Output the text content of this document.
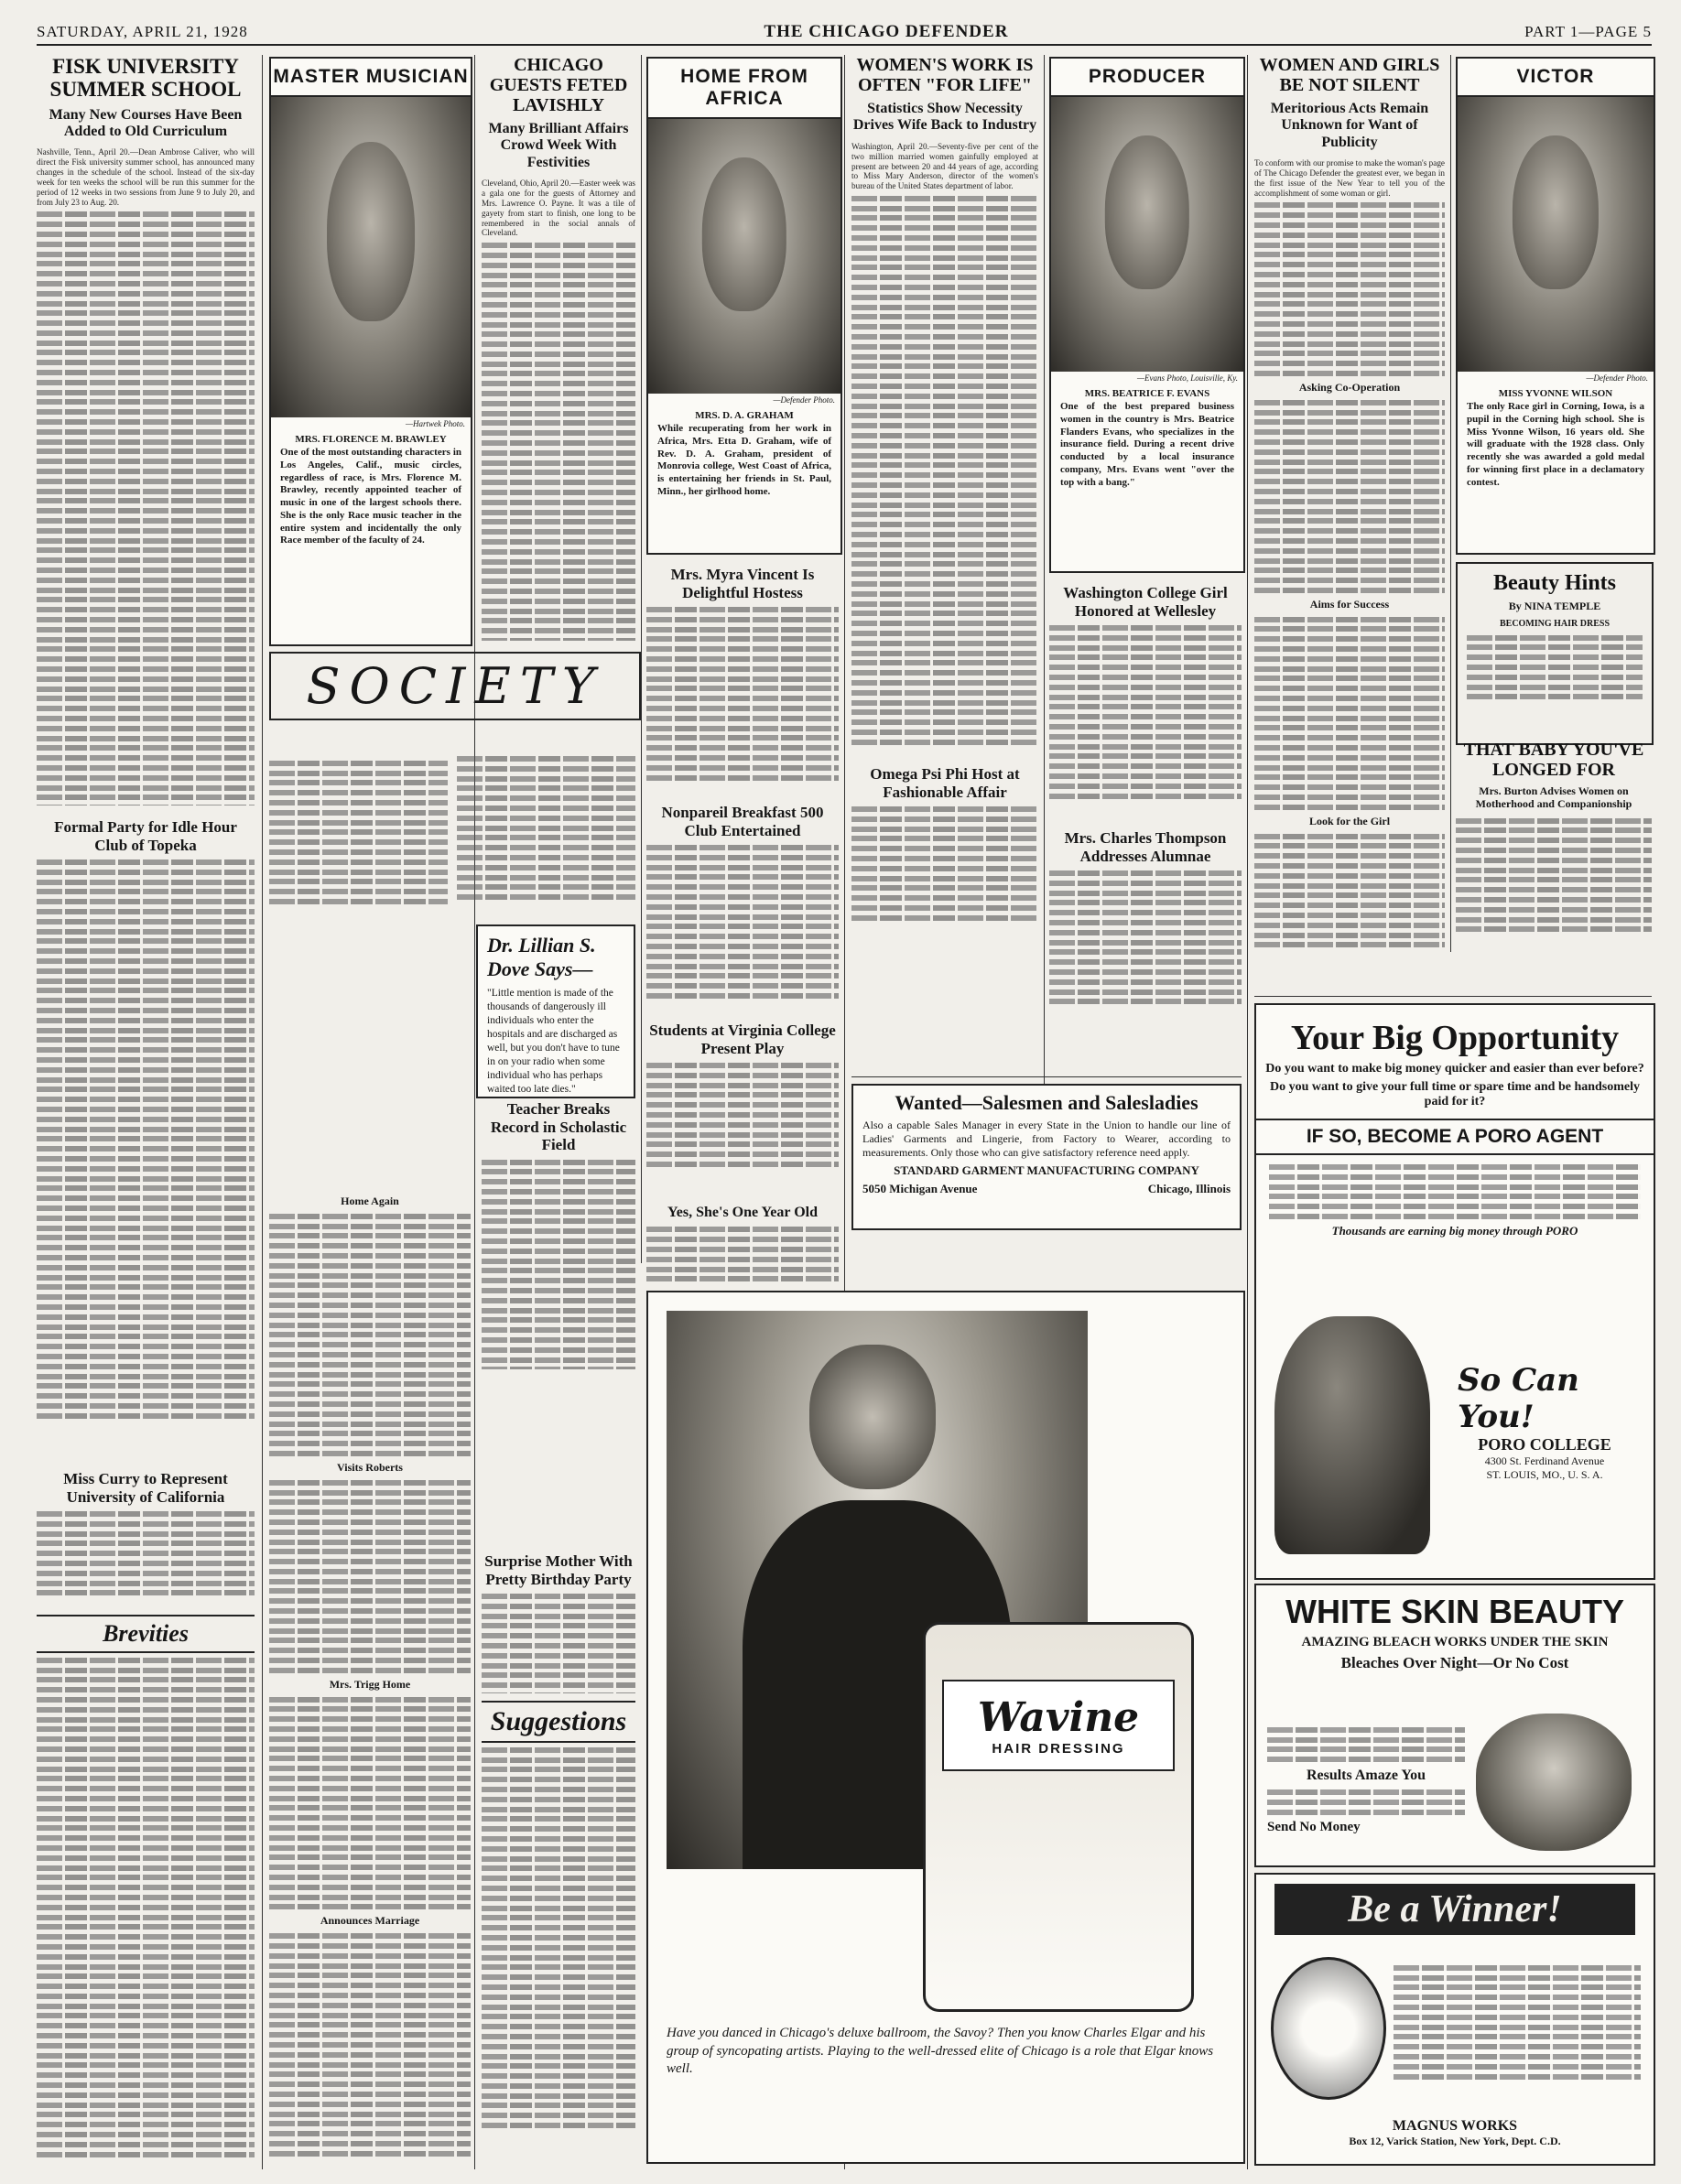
SATURDAY, APRIL 21, 1928	THE CHICAGO DEFENDER	PART 1—PAGE 5
FISK UNIVERSITY SUMMER SCHOOL
Many New Courses Have Been Added to Old Curriculum

Nashville, Tenn., April 20.—Dean Ambrose Caliver, who will direct the Fisk university summer school, has announced many changes in the schedule of the school. Instead of the six-day week for ten weeks the school will be run this summer for the period of 12 weeks in two sessions from June 9 to July 20, and from July 23 to Aug. 20.

Formal Party for Idle Hour Club of Topeka
Miss Curry to Represent University of California
Brevities
MASTER MUSICIAN
—Hartwek Photo.
MRS. FLORENCE M. BRAWLEY
One of the most outstanding characters in Los Angeles, Calif., music circles, regardless of race, is Mrs. Florence M. Brawley, recently appointed teacher of music in one of the largest schools there. She is the only Race music teacher in the entire system and incidentally the only Race member of the faculty of 24.
CHICAGO GUESTS FETED LAVISHLY
Many Brilliant Affairs Crowd Week With Festivities

Cleveland, Ohio, April 20.—Easter week was a gala one for the guests of Attorney and Mrs. Lawrence O. Payne. It was a tile of gayety from start to finish, one long to be remembered in the social annals of Cleveland.

HOME FROM AFRICA
—Defender Photo.
MRS. D. A. GRAHAM
While recuperating from her work in Africa, Mrs. Etta D. Graham, wife of Rev. D. A. Graham, president of Monrovia college, West Coast of Africa, is entertaining her friends in St. Paul, Minn., her girlhood home.
Mrs. Myra Vincent Is Delightful Hostess
Nonpareil Breakfast 500 Club Entertained
Students at Virginia College Present Play
WOMEN'S WORK IS OFTEN "FOR LIFE"
Statistics Show Necessity Drives Wife Back to Industry

Washington, April 20.—Seventy-five per cent of the two million married women gainfully employed at present are between 20 and 44 years of age, according to Miss Mary Anderson, director of the women's bureau of the United States department of labor.

Omega Psi Phi Host at Fashionable Affair
PRODUCER
—Evans Photo, Louisville, Ky.
MRS. BEATRICE F. EVANS
One of the best prepared business women in the country is Mrs. Beatrice Flanders Evans, who specializes in the insurance field. During a recent drive conducted by a local insurance company, Mrs. Evans went "over the top with a bang."
Washington College Girl Honored at Wellesley
Mrs. Charles Thompson Addresses Alumnae
WOMEN AND GIRLS BE NOT SILENT
Meritorious Acts Remain Unknown for Want of Publicity

To conform with our promise to make the woman's page of The Chicago Defender the greatest ever, we began in the first issue of the New Year to tell you of the accomplishment of some woman or girl.

Asking Co-Operation
Aims for Success
Look for the Girl
VICTOR
—Defender Photo.
MISS YVONNE WILSON
The only Race girl in Corning, Iowa, is a pupil in the Corning high school. She is Miss Yvonne Wilson, 16 years old. She will graduate with the 1928 class. Only recently she was awarded a gold medal for winning first place in a declamatory contest.
Beauty Hints
By NINA TEMPLE
BECOMING HAIR DRESS
THAT BABY YOU'VE LONGED FOR
Mrs. Burton Advises Women on Motherhood and Companionship
SOCIETY
Dr. Lillian S. Dove Says—
"Little mention is made of the thousands of dangerously ill individuals who enter the hospitals and are discharged as well, but you don't have to tune in on your radio when some individual who has perhaps waited too late dies."
Home Again
Visits Roberts
Mrs. Trigg Home
Announces Marriage
Teacher Breaks Record in Scholastic Field
Surprise Mother With Pretty Birthday Party
Suggestions
Yes, She's One Year Old
Wanted—Salesmen and Salesladies

Also a capable Sales Manager in every State in the Union to handle our line of Ladies' Garments and Lingerie, from Factory to Wearer, according to measurements. Only those who can give satisfactory reference need apply.

STANDARD GARMENT MANUFACTURING COMPANY

5050 Michigan Avenue	Chicago, Illinois
Wavine
HAIR DRESSING
Have you danced in Chicago's deluxe ballroom, the Savoy? Then you know Charles Elgar and his group of syncopating artists. Playing to the well-dressed elite of Chicago is a role that Elgar knows well.
Your Big Opportunity

Do you want to make big money quicker and easier than ever before?

Do you want to give your full time or spare time and be handsomely paid for it?

IF SO, BECOME A PORO AGENT

Thousands are earning big money through PORO

So Can You!
PORO COLLEGE
4300 St. Ferdinand Avenue
ST. LOUIS, MO., U. S. A.
WHITE SKIN BEAUTY

AMAZING BLEACH WORKS UNDER THE SKIN

Bleaches Over Night—Or No Cost

Results Amaze You
Send No Money
Be a Winner!
MAGNUS WORKS
Box 12, Varick Station, New York, Dept. C.D.
